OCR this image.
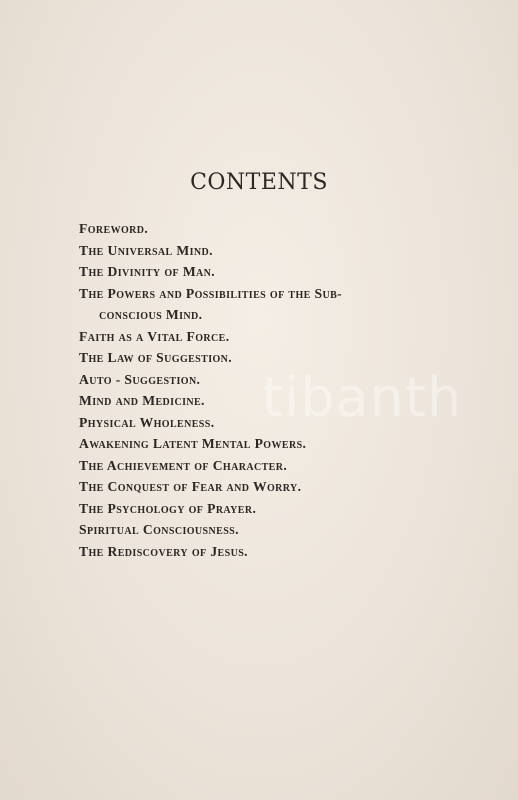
CONTENTS
Foreword.
The Universal Mind.
The Divinity of Man.
The Powers and Possibilities of the Sub-
conscious Mind.
Faith as a Vital Force.
The Law of Suggestion.
Auto - Suggestion.
Mind and Medicine.
Physical Wholeness.
Awakening Latent Mental Powers.
The Achievement of Character.
The Conquest of Fear and Worry.
The Psychology of Prayer.
Spiritual Consciousness.
The Rediscovery of Jesus.
tibanth
